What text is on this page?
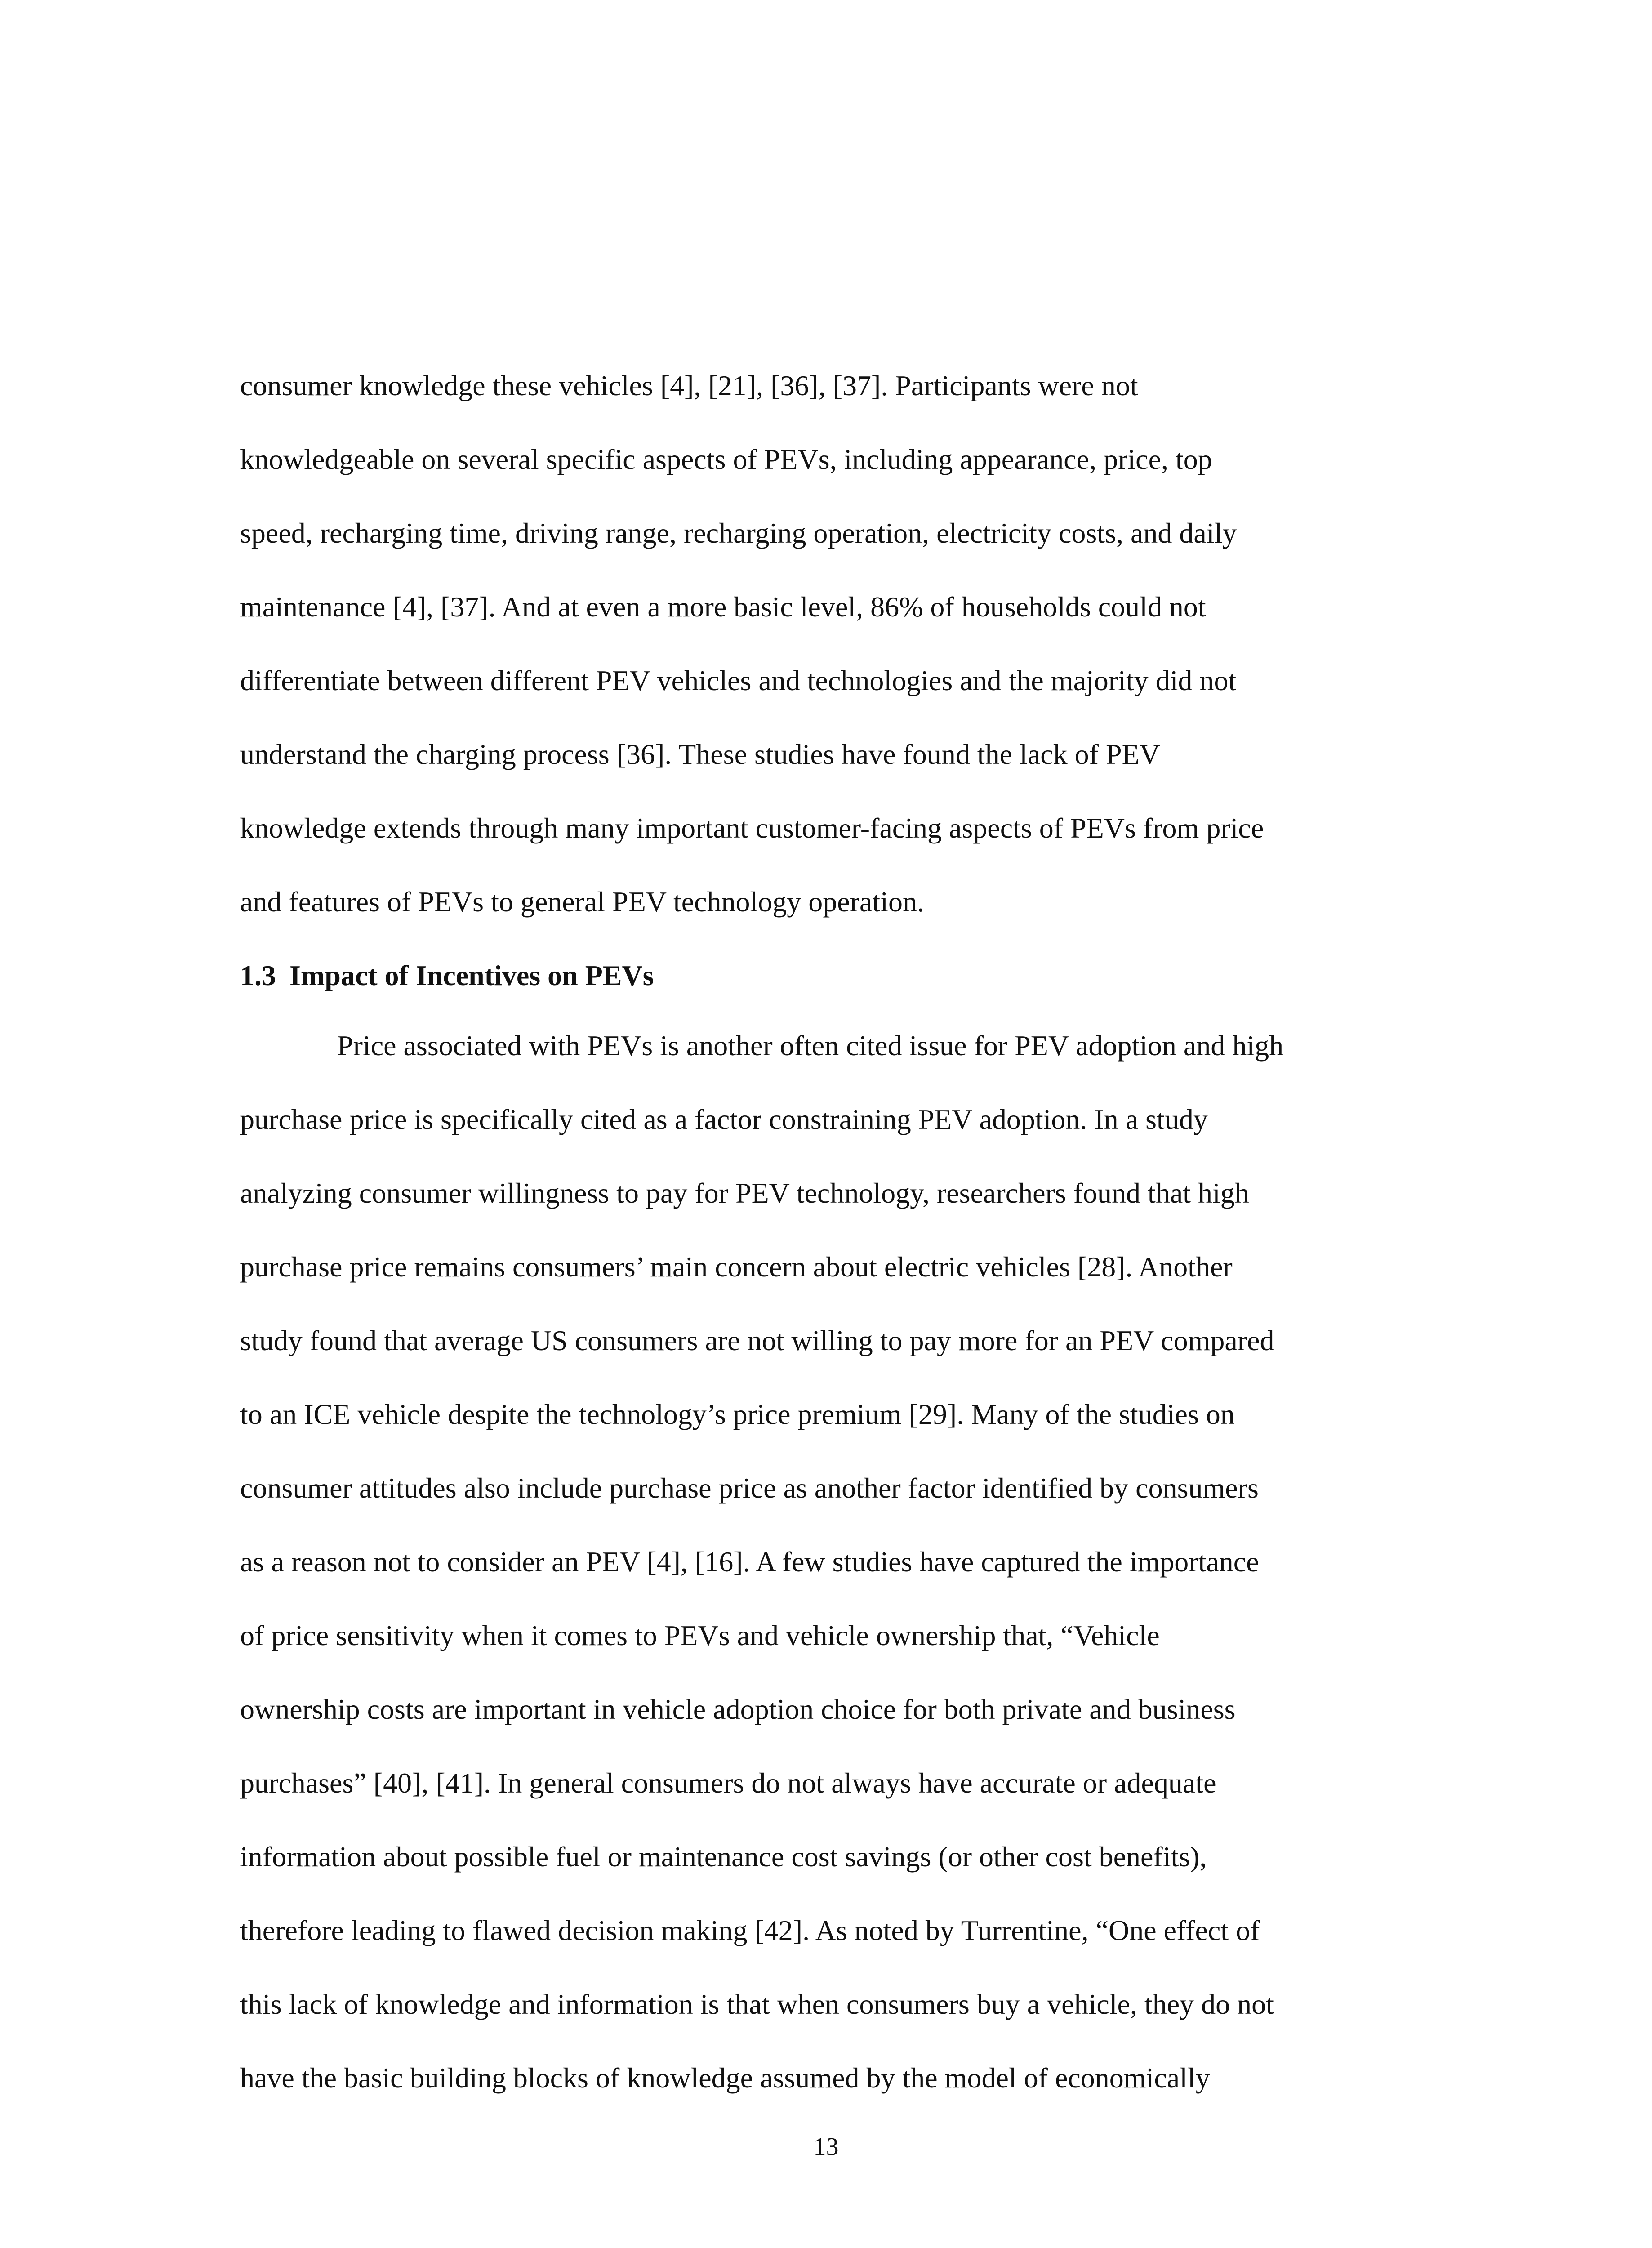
consumer knowledge these vehicles [4], [21], [36], [37]. Participants were not
knowledgeable on several specific aspects of PEVs, including appearance, price, top
speed, recharging time, driving range, recharging operation, electricity costs, and daily
maintenance [4], [37]. And at even a more basic level, 86% of households could not
differentiate between different PEV vehicles and technologies and the majority did not
understand the charging process [36]. These studies have found the lack of PEV
knowledge extends through many important customer-facing aspects of PEVs from price
and features of PEVs to general PEV technology operation.
1.3 Impact of Incentives on PEVs
Price associated with PEVs is another often cited issue for PEV adoption and high
purchase price is specifically cited as a factor constraining PEV adoption. In a study
analyzing consumer willingness to pay for PEV technology, researchers found that high
purchase price remains consumers’ main concern about electric vehicles [28]. Another
study found that average US consumers are not willing to pay more for an PEV compared
to an ICE vehicle despite the technology’s price premium [29]. Many of the studies on
consumer attitudes also include purchase price as another factor identified by consumers
as a reason not to consider an PEV [4], [16]. A few studies have captured the importance
of price sensitivity when it comes to PEVs and vehicle ownership that, “Vehicle
ownership costs are important in vehicle adoption choice for both private and business
purchases” [40], [41]. In general consumers do not always have accurate or adequate
information about possible fuel or maintenance cost savings (or other cost benefits),
therefore leading to flawed decision making [42]. As noted by Turrentine, “One effect of
this lack of knowledge and information is that when consumers buy a vehicle, they do not
have the basic building blocks of knowledge assumed by the model of economically
13
